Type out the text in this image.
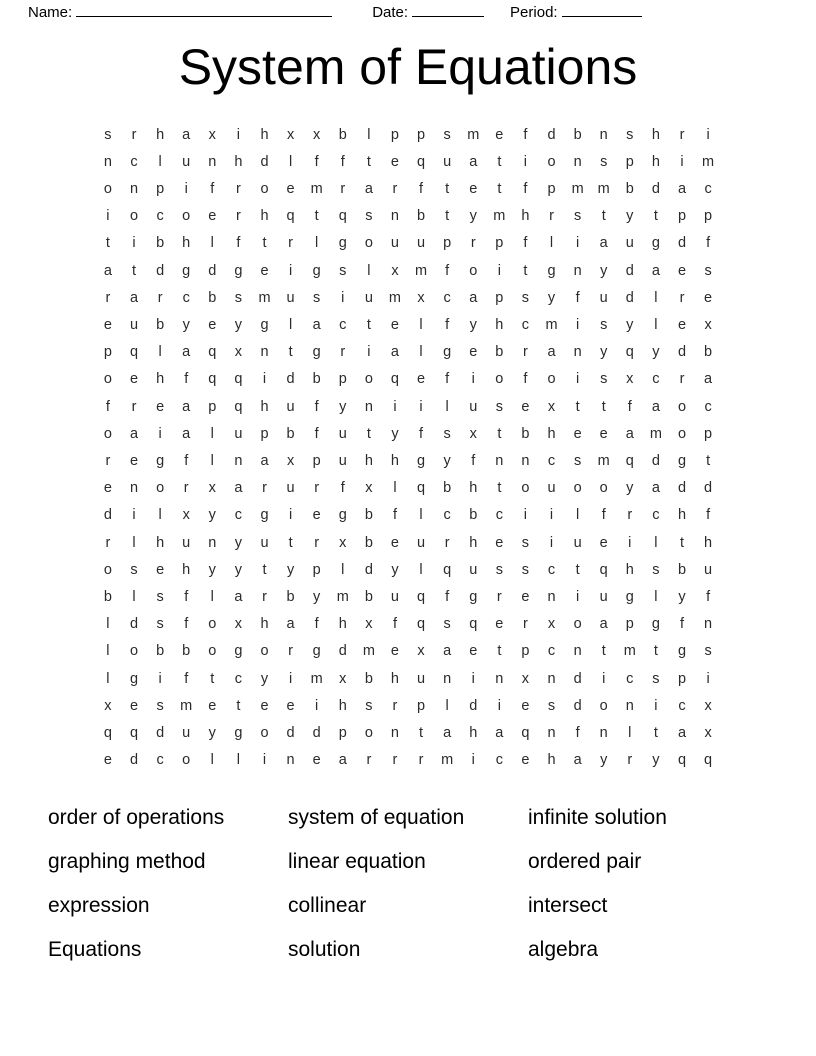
Name:	Date:	Period:
System of Equations
s	r	h	a	x	i	h	x	x	b	l	p	p	s	m	e	f	d	b	n	s	h	r	i
n	c	l	u	n	h	d	l	f	f	t	e	q	u	a	t	i	o	n	s	p	h	i	m
o	n	p	i	f	r	o	e	m	r	a	r	f	t	e	t	f	p	m	m	b	d	a	c
i	o	c	o	e	r	h	q	t	q	s	n	b	t	y	m	h	r	s	t	y	t	p	p
t	i	b	h	l	f	t	r	l	g	o	u	u	p	r	p	f	l	i	a	u	g	d	f
a	t	d	g	d	g	e	i	g	s	l	x	m	f	o	i	t	g	n	y	d	a	e	s
r	a	r	c	b	s	m	u	s	i	u	m	x	c	a	p	s	y	f	u	d	l	r	e
e	u	b	y	e	y	g	l	a	c	t	e	l	f	y	h	c	m	i	s	y	l	e	x
p	q	l	a	q	x	n	t	g	r	i	a	l	g	e	b	r	a	n	y	q	y	d	b
o	e	h	f	q	q	i	d	b	p	o	q	e	f	i	o	f	o	i	s	x	c	r	a
f	r	e	a	p	q	h	u	f	y	n	i	i	l	u	s	e	x	t	t	f	a	o	c
o	a	i	a	l	u	p	b	f	u	t	y	f	s	x	t	b	h	e	e	a	m	o	p
r	e	g	f	l	n	a	x	p	u	h	h	g	y	f	n	n	c	s	m	q	d	g	t
e	n	o	r	x	a	r	u	r	f	x	l	q	b	h	t	o	u	o	o	y	a	d	d
d	i	l	x	y	c	g	i	e	g	b	f	l	c	b	c	i	i	l	f	r	c	h	f
r	l	h	u	n	y	u	t	r	x	b	e	u	r	h	e	s	i	u	e	i	l	t	h
o	s	e	h	y	y	t	y	p	l	d	y	l	q	u	s	s	c	t	q	h	s	b	u
b	l	s	f	l	a	r	b	y	m	b	u	q	f	g	r	e	n	i	u	g	l	y	f
l	d	s	f	o	x	h	a	f	h	x	f	q	s	q	e	r	x	o	a	p	g	f	n
l	o	b	b	o	g	o	r	g	d	m	e	x	a	e	t	p	c	n	t	m	t	g	s
l	g	i	f	t	c	y	i	m	x	b	h	u	n	i	n	x	n	d	i	c	s	p	i
x	e	s	m	e	t	e	e	i	h	s	r	p	l	d	i	e	s	d	o	n	i	c	x
q	q	d	u	y	g	o	d	d	p	o	n	t	a	h	a	q	n	f	n	l	t	a	x
e	d	c	o	l	l	i	n	e	a	r	r	r	m	i	c	e	h	a	y	r	y	q	q
order of operations	system of equation	infinite solution
graphing method	linear equation	ordered pair
expression	collinear	intersect
Equations	solution	algebra
